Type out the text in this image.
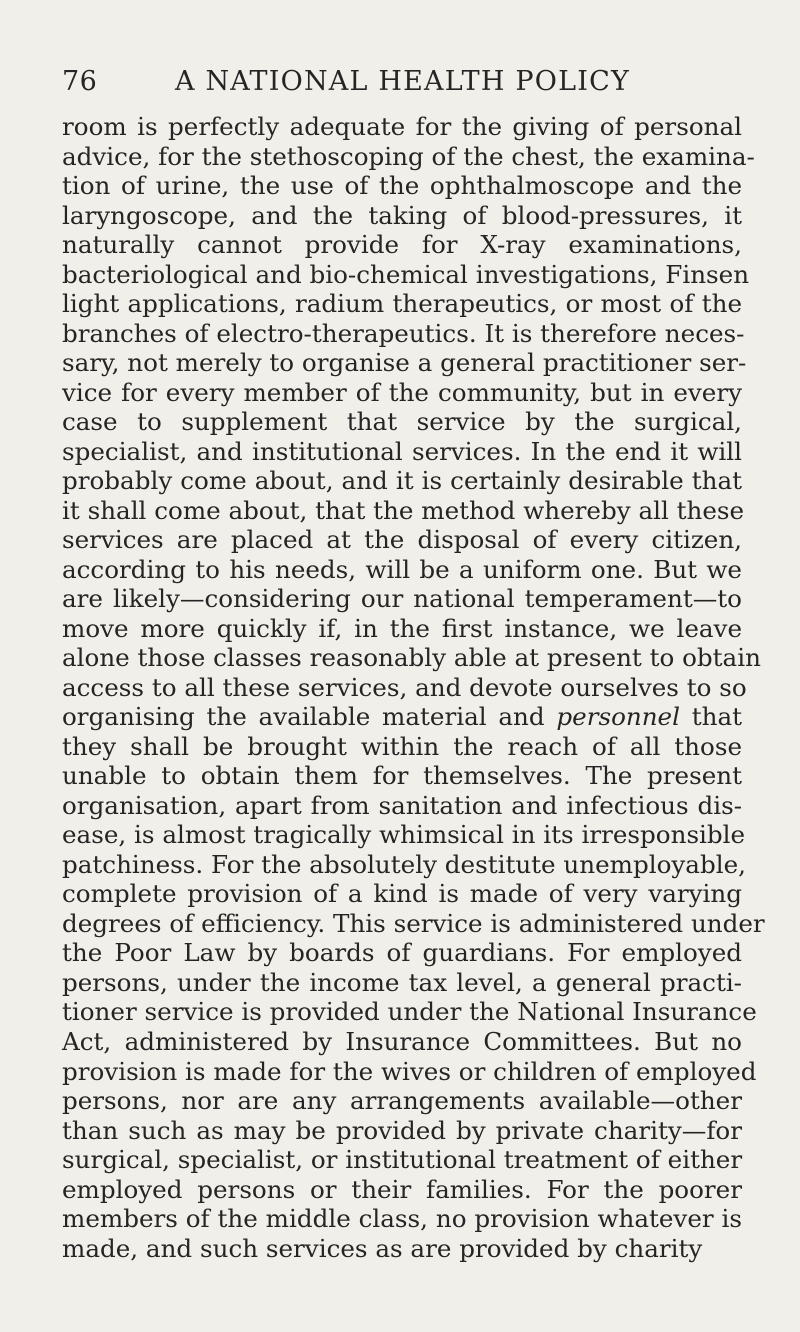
76	A NATIONAL HEALTH POLICY
room is perfectly adequate for the giving of personal
advice, for the stethoscoping of the chest, the examina-
tion of urine, the use of the ophthalmoscope and the
laryngoscope, and the taking of blood-pressures, it
naturally cannot provide for X-ray examinations,
bacteriological and bio-chemical investigations, Finsen
light applications, radium therapeutics, or most of the
branches of electro-therapeutics. It is therefore neces-
sary, not merely to organise a general practitioner ser-
vice for every member of the community, but in every
case to supplement that service by the surgical,
specialist, and institutional services. In the end it will
probably come about, and it is certainly desirable that
it shall come about, that the method whereby all these
services are placed at the disposal of every citizen,
according to his needs, will be a uniform one. But we
are likely—considering our national temperament—to
move more quickly if, in the first instance, we leave
alone those classes reasonably able at present to obtain
access to all these services, and devote ourselves to so
organising the available material and personnel that
they shall be brought within the reach of all those
unable to obtain them for themselves. The present
organisation, apart from sanitation and infectious dis-
ease, is almost tragically whimsical in its irresponsible
patchiness. For the absolutely destitute unemployable,
complete provision of a kind is made of very varying
degrees of efficiency. This service is administered under
the Poor Law by boards of guardians. For employed
persons, under the income tax level, a general practi-
tioner service is provided under the National Insurance
Act, administered by Insurance Committees. But no
provision is made for the wives or children of employed
persons, nor are any arrangements available—other
than such as may be provided by private charity—for
surgical, specialist, or institutional treatment of either
employed persons or their families. For the poorer
members of the middle class, no provision whatever is
made, and such services as are provided by charity
